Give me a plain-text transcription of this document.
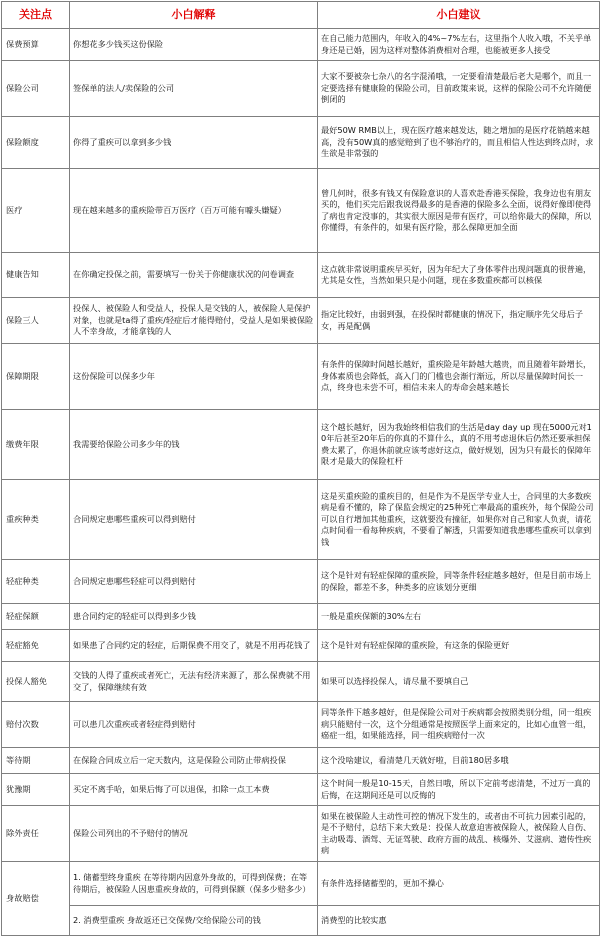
关注点	小白解释	小白建议
保费预算	你想花多少钱买这份保险	在自己能力范围内，年收入的4%~7%左右，这里指个人收入哦，不关乎单身还是已婚，因为这样对整体消费相对合理，也能被更多人接受
保险公司	签保单的法人/卖保险的公司	大家不要被杂七杂八的名字混淆哦，一定要看清楚最后老大是哪个，而且一定要选择有健康险的保险公司，目前政策来说，这样的保险公司不允许随便倒闭的
保险额度	你得了重疾可以拿到多少钱	最好50W RMB以上，现在医疗越来越发达，随之增加的是医疗花销越来越高，没有50W真的感觉赔到了也不够治疗的，而且相信人性达到终点时，求生欲是非常强的
医疗	现在越来越多的重疾险带百万医疗（百万可能有噱头嫌疑）	曾几何时，很多有钱又有保险意识的人喜欢赴香港买保险，我身边也有朋友买的，他们买完后跟我说得最多的是香港的保险多么全面，说得好像即使得了病也肯定没事的，其实很大原因是带有医疗，可以给你最大的保障，所以你懂得，有条件的，如果有医疗险，那么保障更加全面
健康告知	在你确定投保之前，需要填写一份关于你健康状况的问卷调查	这点就非常说明重疾早买好，因为年纪大了身体零件出现问题真的很普遍，尤其是女性，当然如果只是小问题，现在多数重疾都可以核保
保险三人	投保人、被保险人和受益人，投保人是交钱的人，被保险人是保护对象，也就是ta得了重疾/轻症后才能得赔付，受益人是如果被保险人不幸身故，才能拿钱的人	指定比较好，由弱到强，在投保时都健康的情况下，指定顺序先父母后子女，再是配偶
保障期限	这份保险可以保多少年	有条件的保障时间越长越好，重疾险是年龄越大越贵，而且随着年龄增长，身体素质也会降低，高入门的门槛也会渐行渐远，所以尽量保障时间长一点，终身也未尝不可，相信未来人的寿命会越来越长
缴费年限	我需要给保险公司多少年的钱	这个越长越好，因为我始终相信我们的生活是day day up 现在5000元对10年后甚至20年后的你真的不算什么，真的不用考虑退休后仍然还要承担保费太累了，你退休前就应该考虑好这点，做好规划，因为只有最长的保障年限才是最大的保险杠杆
重疾种类	合同规定患哪些重疾可以得到赔付	这是买重疾险的重疾目的，但是作为不是医学专业人士，合同里的大多数疾病是看不懂的，除了保监会规定的25种死亡率最高的重疾外，每个保险公司可以自行增加其他重疾，这就要没有撞征，如果你对自己和家人负责，请花点时间看一看每种疾病，不要看了解透，只需要知道我患哪些重疾可以拿到钱
轻症种类	合同规定患哪些轻症可以得到赔付	这个是针对有轻症保障的重疾险，同等条件轻症越多越好，但是目前市场上的保险，都差不多，种类多的应该划分更细
轻症保额	患合同约定的轻症可以得到多少钱	一般是重疾保额的30%左右
轻症豁免	如果患了合同约定的轻症，后期保费不用交了，就是不用再花钱了	这个是针对有轻症保障的重疾险，有这条的保险更好
投保人豁免	交钱的人得了重疾或者死亡，无法有经济来源了，那么保费就不用交了，保障继续有效	如果可以选择投保人，请尽量不要填自己
赔付次数	可以患几次重疾或者轻症得到赔付	同等条件下越多越好，但是保险公司对于疾病都会按照类别分组，同一组疾病只能赔付一次，这个分组通常是按照医学上面来定的，比如心血管一组，癌症一组，如果能选择，同一组疾病赔付一次
等待期	在保险合同成立后一定天数内，这是保险公司防止带病投保	这个没啥建议，看清楚几天就好啦，目前180居多哦
犹豫期	买定不离手哈，如果后悔了可以退保，扣除一点工本费	这个时间一般是10-15天，自然日哦，所以下定前考虑清楚，不过万一真的后悔，在这期间还是可以反悔的
除外责任	保险公司列出的不予赔付的情况	如果在被保险人主动性可控的情况下发生的，或者由不可抗力因素引起的，是不予赔付，总结下来大致是：投保人故意迫害被保险人，被保险人自伤、主动吸毒、酒驾、无证驾驶、政府方面的战乱、核爆外、艾滋病、遗传性疾病
身故赔偿	1. 储蓄型终身重疾 在等待期内因意外身故的，可得到保费；在等待期后，被保险人因患重疾身故的，可得到保额（保多少赔多少）	有条件选择储蓄型的，更加不操心
	2. 消费型重疾 身故返还已交保费/交给保险公司的钱	消费型的比较实惠
